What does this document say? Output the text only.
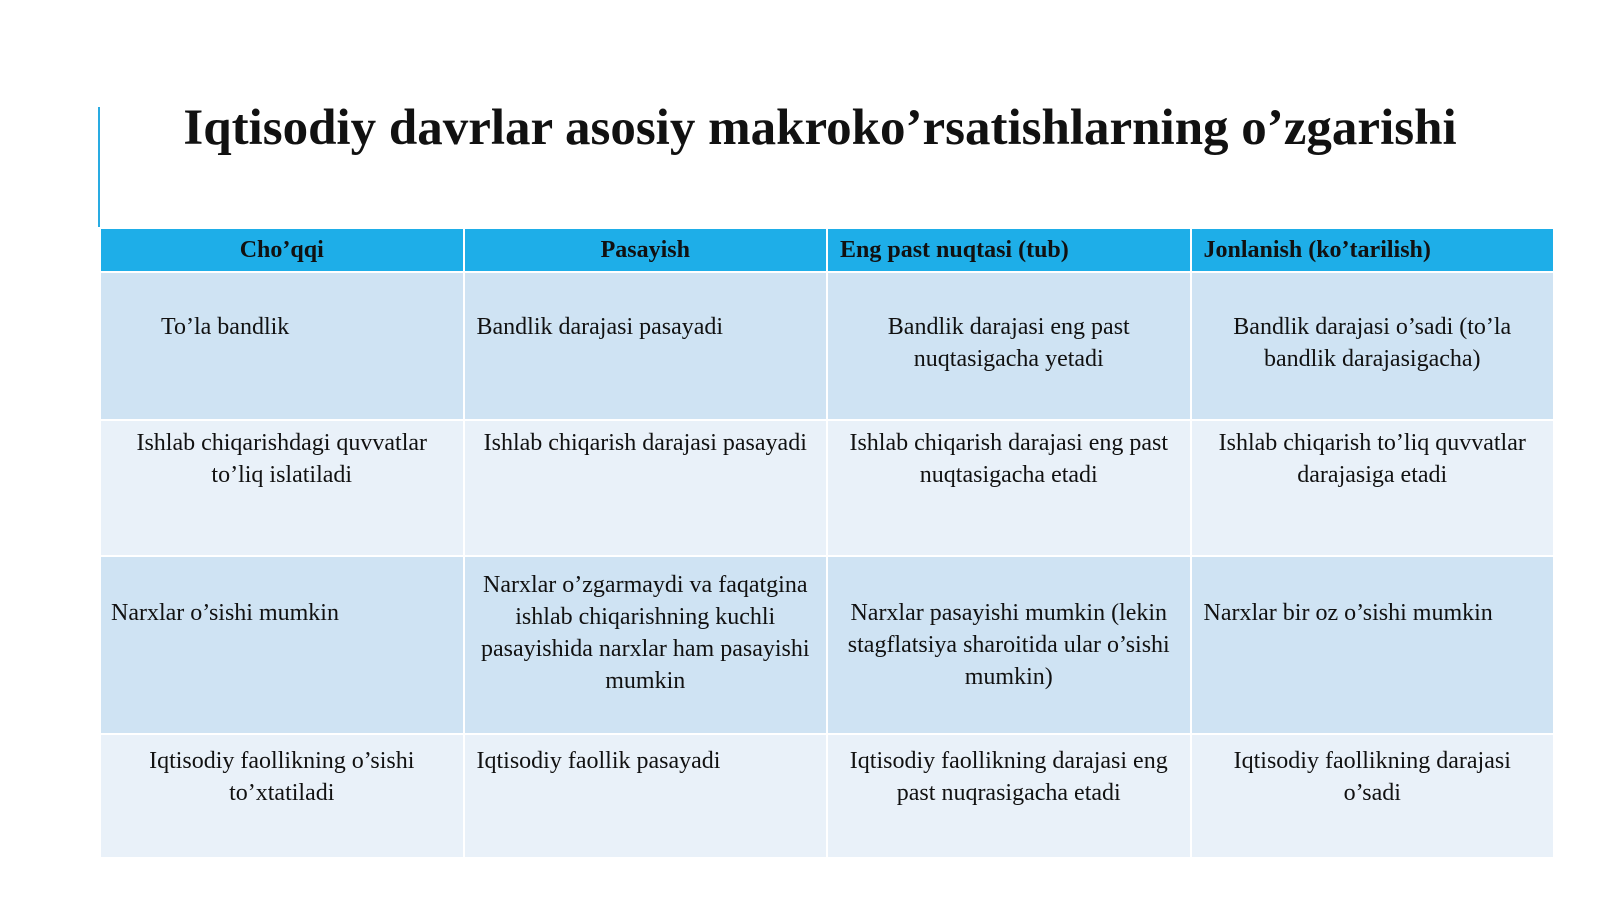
Iqtisodiy davrlar asosiy makroko’rsatishlarning o’zgarishi
Cho’qqi	Pasayish	Eng past nuqtasi (tub)	Jonlanish (ko’tarilish)
To’la bandlik	Bandlik darajasi pasayadi	Bandlik darajasi eng past nuqtasigacha yetadi	Bandlik darajasi o’sadi (to’la bandlik darajasigacha)
Ishlab chiqarishdagi quvvatlar to’liq islatiladi	Ishlab chiqarish darajasi pasayadi	Ishlab chiqarish darajasi eng past nuqtasigacha etadi	Ishlab chiqarish to’liq quvvatlar darajasiga etadi
Narxlar o’sishi mumkin	Narxlar o’zgarmaydi va faqatgina ishlab chiqarishning kuchli pasayishida narxlar ham pasayishi mumkin	Narxlar pasayishi mumkin (lekin stagflatsiya sharoitida ular o’sishi mumkin)	Narxlar bir oz o’sishi mumkin
Iqtisodiy faollikning o’sishi to’xtatiladi	Iqtisodiy faollik pasayadi	Iqtisodiy faollikning darajasi eng past nuqrasigacha etadi	Iqtisodiy faollikning darajasi o’sadi
